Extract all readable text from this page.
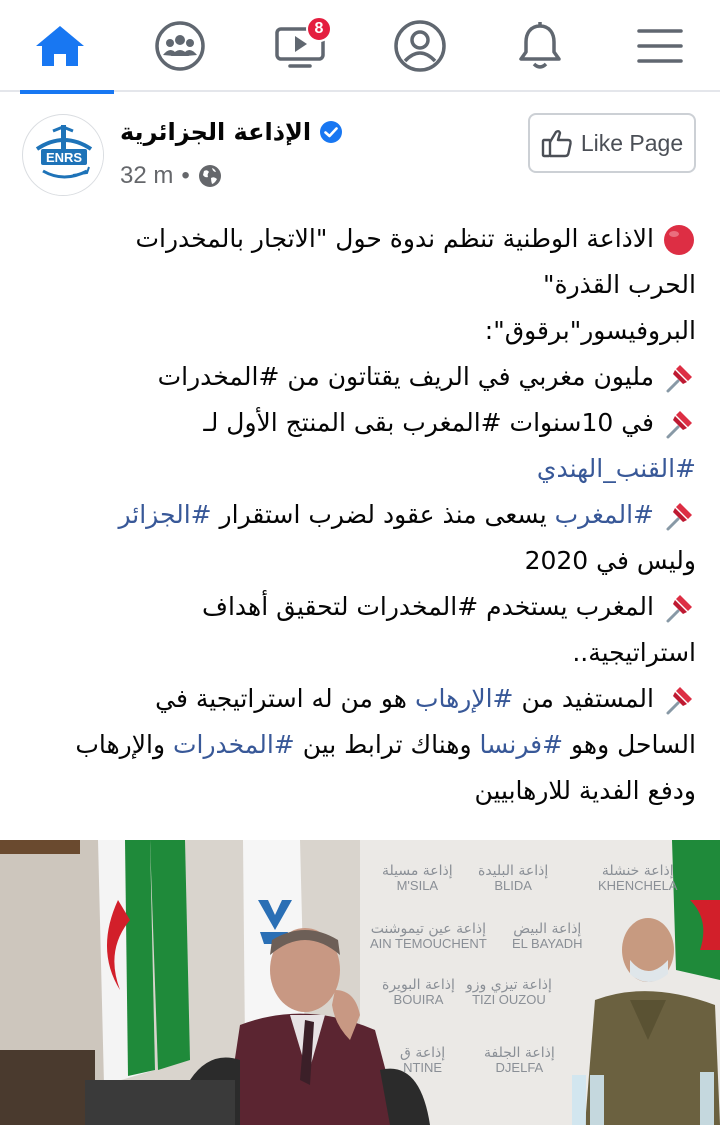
8
ENRS
الإذاعة الجزائرية
32 m •
Like Page
الاذاعة الوطنية تنظم ندوة حول "الاتجار بالمخدرات
الحرب القذرة"
البروفيسور"برقوق":
مليون مغربي في الريف يقتاتون من #المخدرات
في 10سنوات #المغرب بقى المنتج الأول لـ
#القنب_الهندي
#المغرب يسعى منذ عقود لضرب استقرار #الجزائر
وليس في 2020
المغرب يستخدم #المخدرات لتحقيق أهداف
استراتيجية..
المستفيد من #الإرهاب هو من له استراتيجية في
الساحل وهو #فرنسا وهناك ترابط بين #المخدرات والإرهاب
ودفع الفدية للارهابيين
إذاعة مسيلة
M'SILA
إذاعة البليدة
BLIDA
إذاعة خنشلة
KHENCHELA
إذاعة عين تيموشنت
AIN TEMOUCHENT
إذاعة البيض
EL BAYADH
إذاعة البويرة
BOUIRA
إذاعة تيزي وزو
TIZI OUZOU
إذاعة الجلفة
DJELFA
إذاعة ق
NTINE
